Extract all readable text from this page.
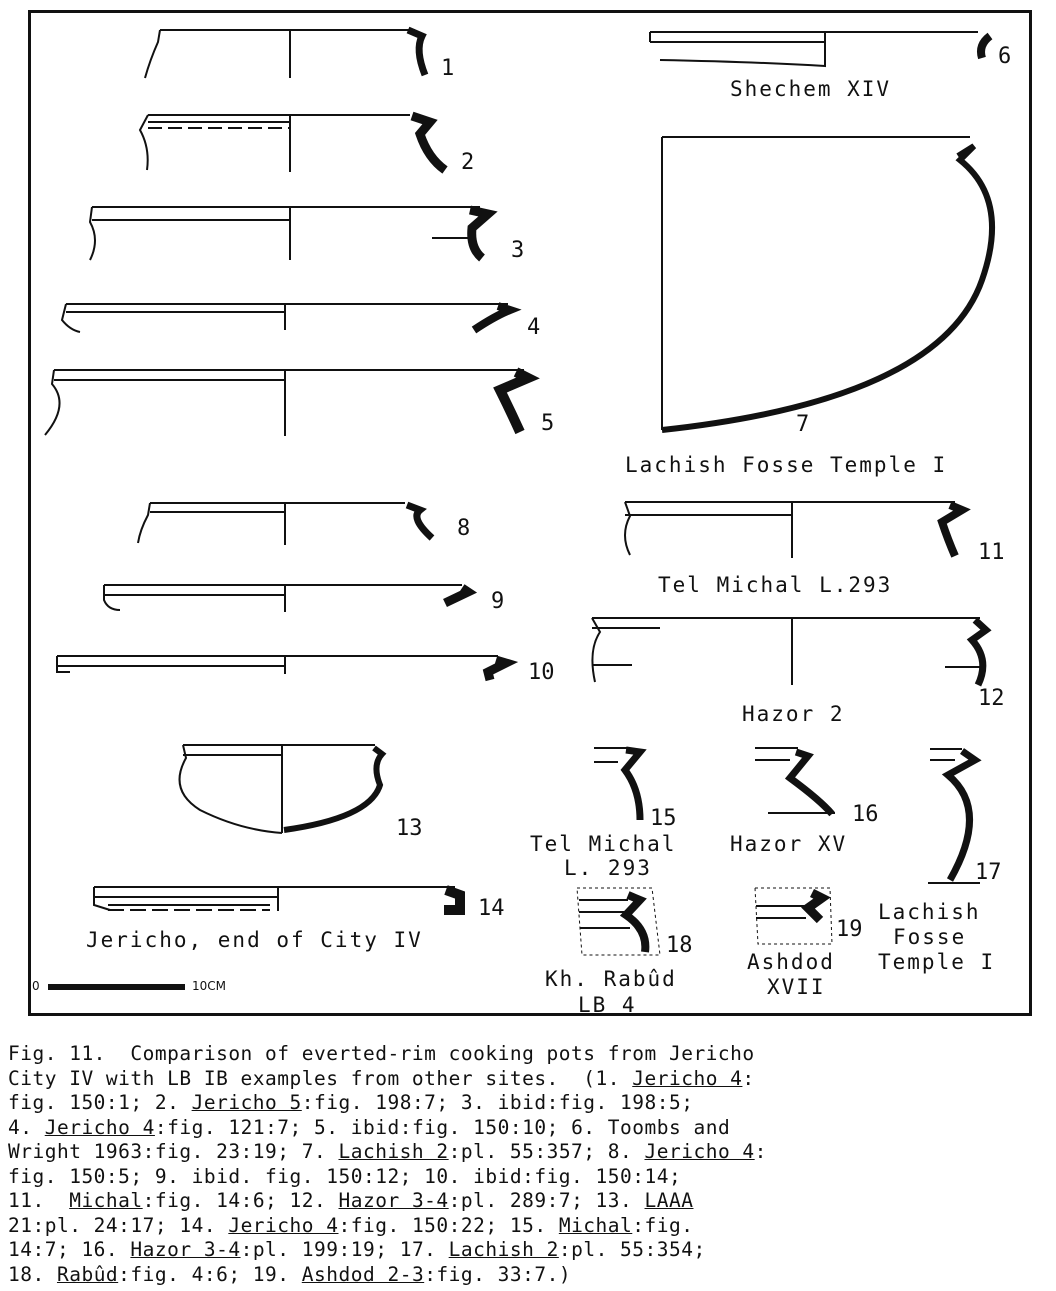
1
2
3
4
5
6
7
8
9
10
11
12
13
14
15	16
17
18
19
Shechem XIV
Lachish Fosse Temple I
Tel Michal L.293
Hazor 2
Tel Michal
L. 293
Hazor XV
Lachish
Fosse
Temple I
Jericho, end of City IV
Kh. Rabûd
LB 4
Ashdod
XVII
0	10CM
Fig. 11.  Comparison of everted-rim cooking pots from Jericho
City IV with LB IB examples from other sites.  (1. Jericho 4:
fig. 150:1; 2. Jericho 5:fig. 198:7; 3. ibid:fig. 198:5;
4. Jericho 4:fig. 121:7; 5. ibid:fig. 150:10; 6. Toombs and
Wright 1963:fig. 23:19; 7. Lachish 2:pl. 55:357; 8. Jericho 4:
fig. 150:5; 9. ibid. fig. 150:12; 10. ibid:fig. 150:14;
11.  Michal:fig. 14:6; 12. Hazor 3-4:pl. 289:7; 13. LAAA
21:pl. 24:17; 14. Jericho 4:fig. 150:22; 15. Michal:fig.
14:7; 16. Hazor 3-4:pl. 199:19; 17. Lachish 2:pl. 55:354;
18. Rabûd:fig. 4:6; 19. Ashdod 2-3:fig. 33:7.)
